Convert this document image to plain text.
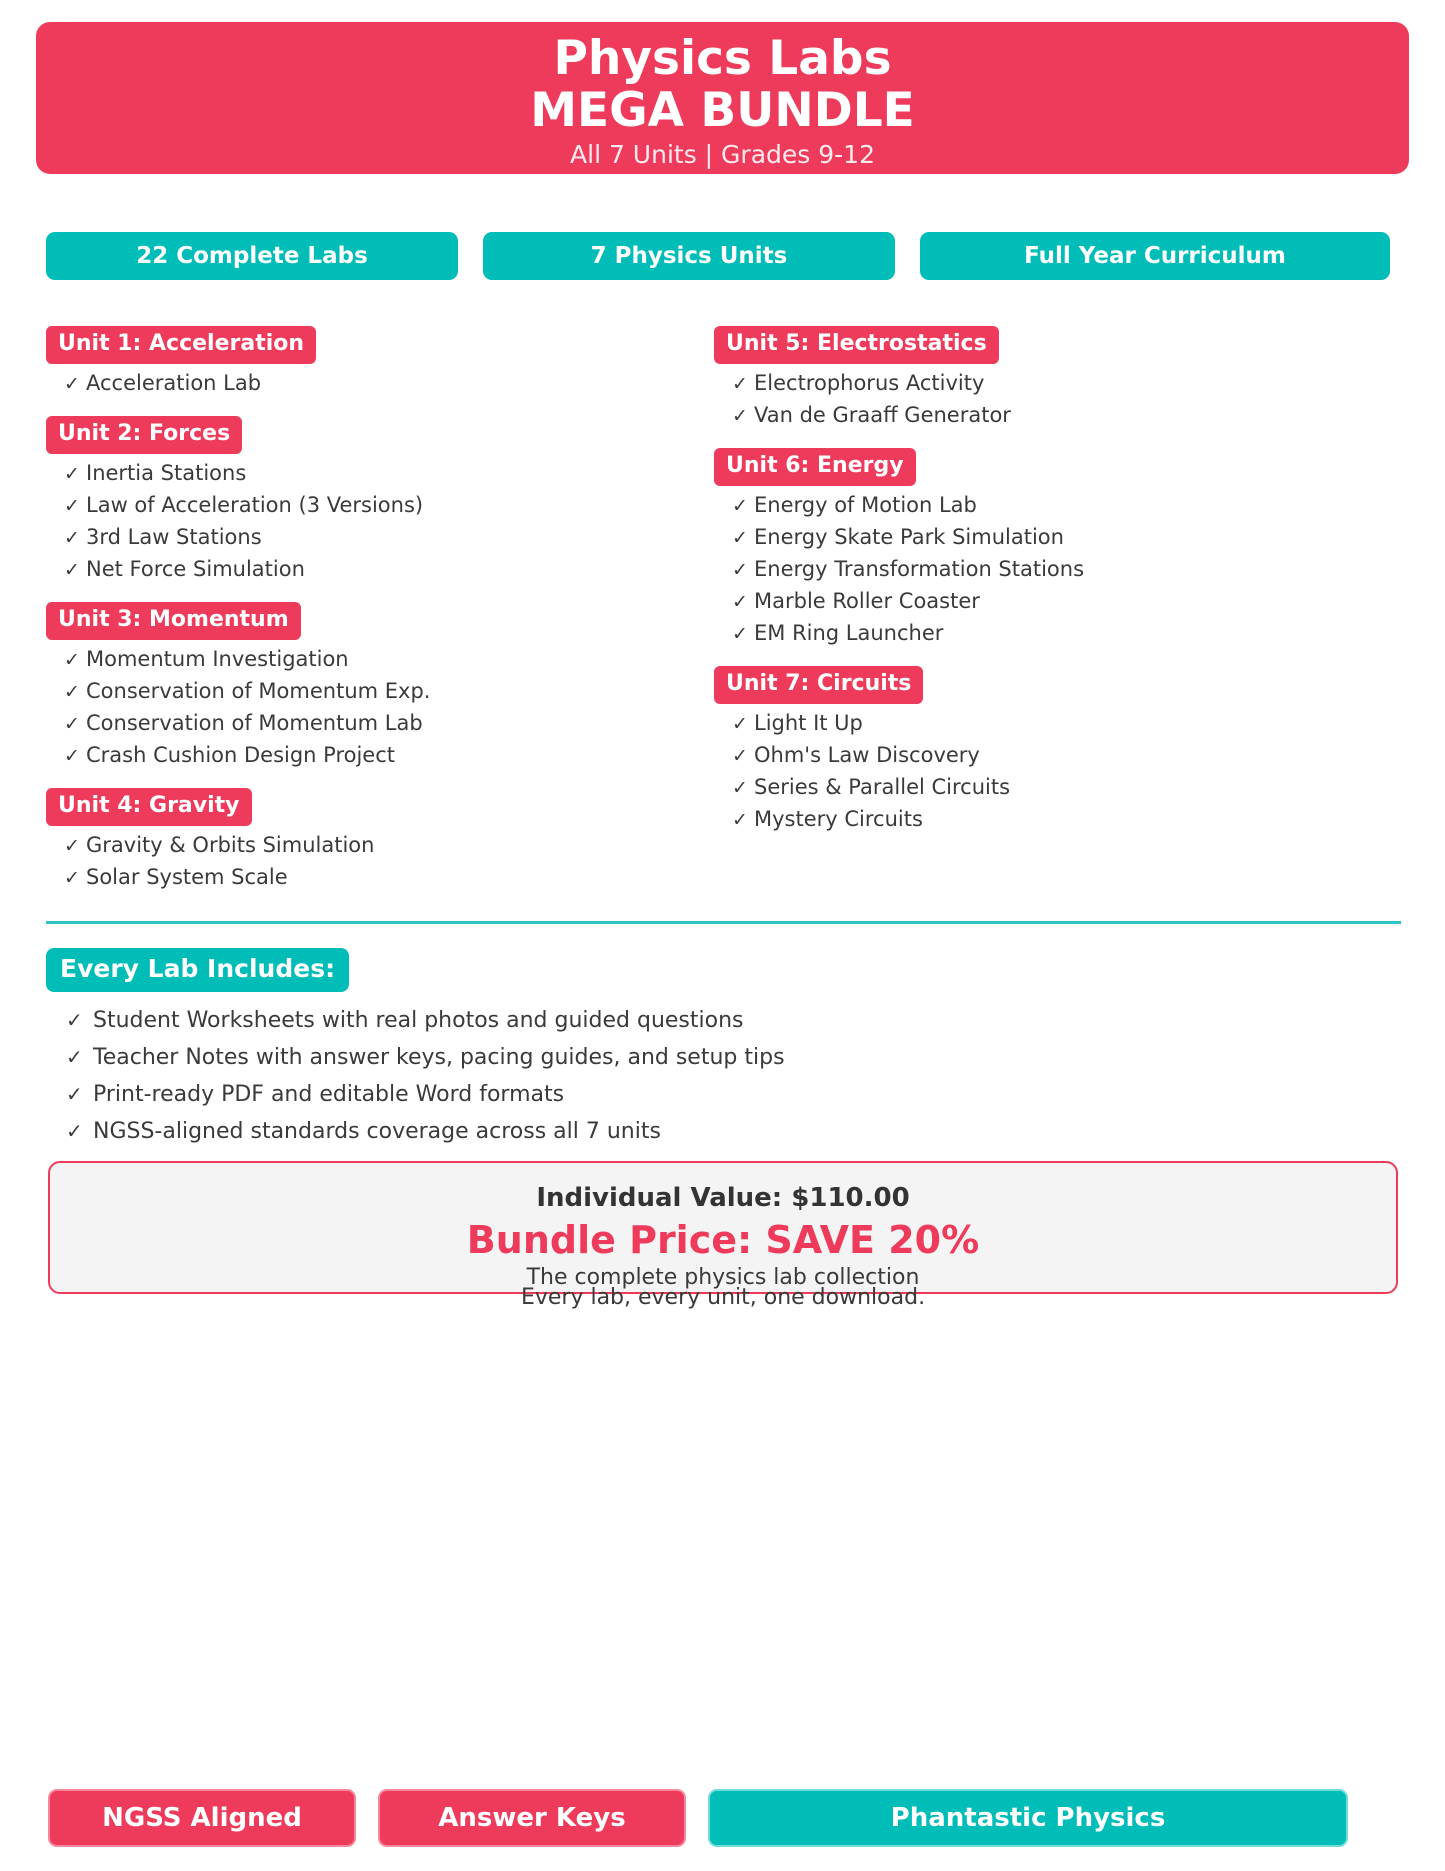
Physics Labs
MEGA BUNDLE
All 7 Units | Grades 9-12
22 Complete Labs	7 Physics Units	Full Year Curriculum
Unit 1: Acceleration
✓ Acceleration Lab
Unit 2: Forces
✓ Inertia Stations
✓ Law of Acceleration (3 Versions)
✓ 3rd Law Stations
✓ Net Force Simulation
Unit 3: Momentum
✓ Momentum Investigation
✓ Conservation of Momentum Exp.
✓ Conservation of Momentum Lab
✓ Crash Cushion Design Project
Unit 4: Gravity
✓ Gravity & Orbits Simulation
✓ Solar System Scale
Unit 5: Electrostatics
✓ Electrophorus Activity
✓ Van de Graaff Generator
Unit 6: Energy
✓ Energy of Motion Lab
✓ Energy Skate Park Simulation
✓ Energy Transformation Stations
✓ Marble Roller Coaster
✓ EM Ring Launcher
Unit 7: Circuits
✓ Light It Up
✓ Ohm's Law Discovery
✓ Series & Parallel Circuits
✓ Mystery Circuits
Every Lab Includes:
✓ Student Worksheets with real photos and guided questions
✓ Teacher Notes with answer keys, pacing guides, and setup tips
✓ Print-ready PDF and editable Word formats
✓ NGSS-aligned standards coverage across all 7 units
Individual Value: $110.00
Bundle Price: SAVE 20%
The complete physics lab collection
Every lab, every unit, one download.
NGSS Aligned	Answer Keys	Phantastic Physics
